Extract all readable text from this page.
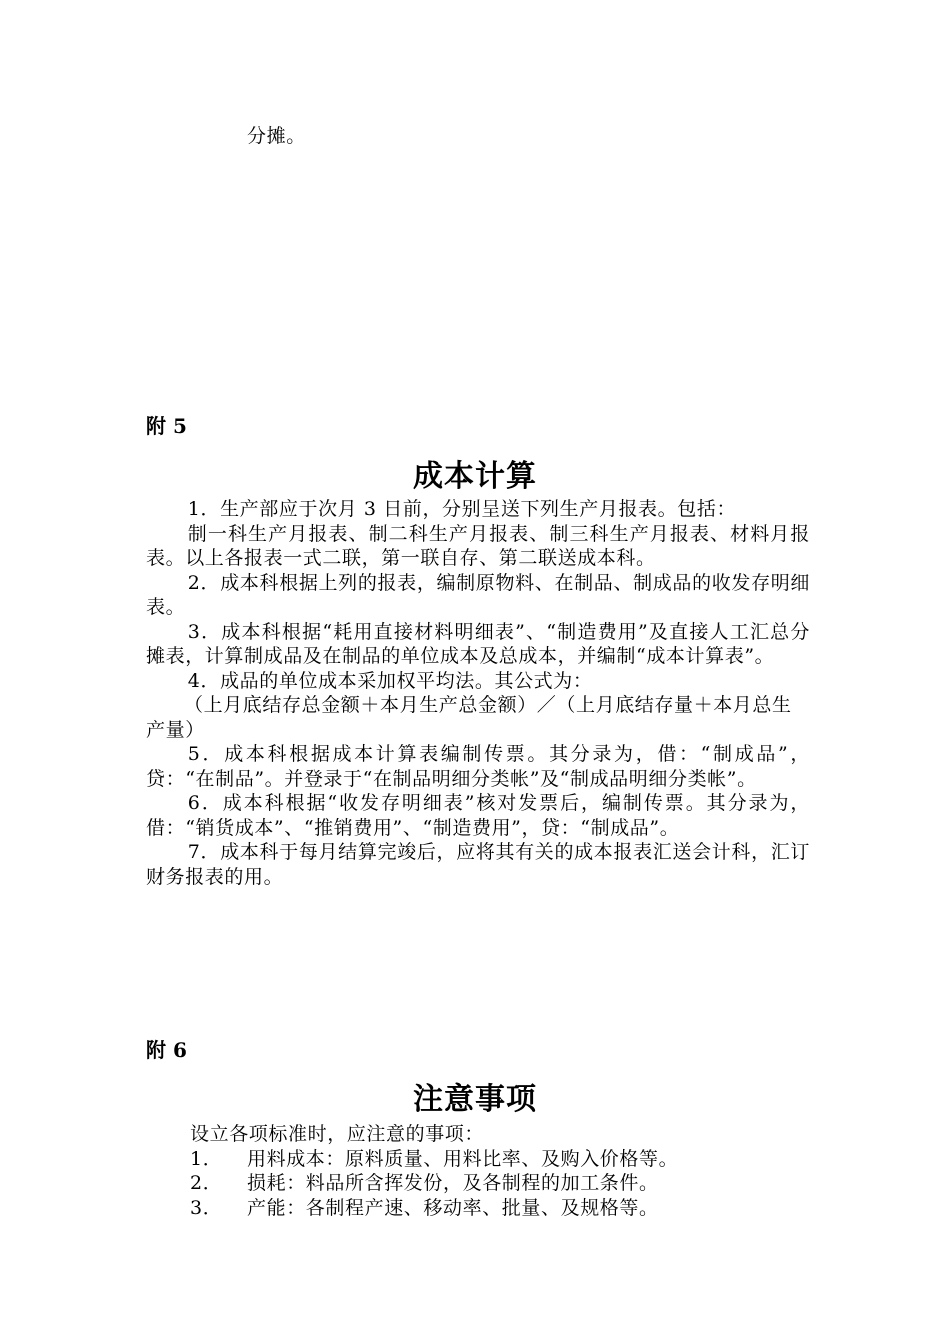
分摊。
附 5
成本计算

1．生产部应于次月 3 日前，分别呈送下列生产月报表。包括：

制一科生产月报表、制二科生产月报表、制三科生产月报表、材料月报表。以上各报表一式二联，第一联自存、第二联送成本科。

2．成本科根据上列的报表，编制原物料、在制品、制成品的收发存明细表。

3．成本科根据“耗用直接材料明细表”、“制造费用”及直接人工汇总分摊表，计算制成品及在制品的单位成本及总成本，并编制“成本计算表”。

4．成品的单位成本采加权平均法。其公式为：

（上月底结存总金额＋本月生产总金额）／（上月底结存量＋本月总生产量）

5．成本科根据成本计算表编制传票。其分录为，借：“制成品”，贷：“在制品”。并登录于“在制品明细分类帐”及“制成品明细分类帐”。

6．成本科根据“收发存明细表”核对发票后，编制传票。其分录为，借：“销货成本”、“推销费用”、“制造费用”，贷：“制成品”。

7．成本科于每月结算完竣后，应将其有关的成本报表汇送会计科，汇订财务报表的用。

附 6
注意事项

设立各项标准时，应注意的事项：

1．	用料成本：原料质量、用料比率、及购入价格等。
2．	损耗：料品所含挥发份，及各制程的加工条件。
3．	产能：各制程产速、移动率、批量、及规格等。
